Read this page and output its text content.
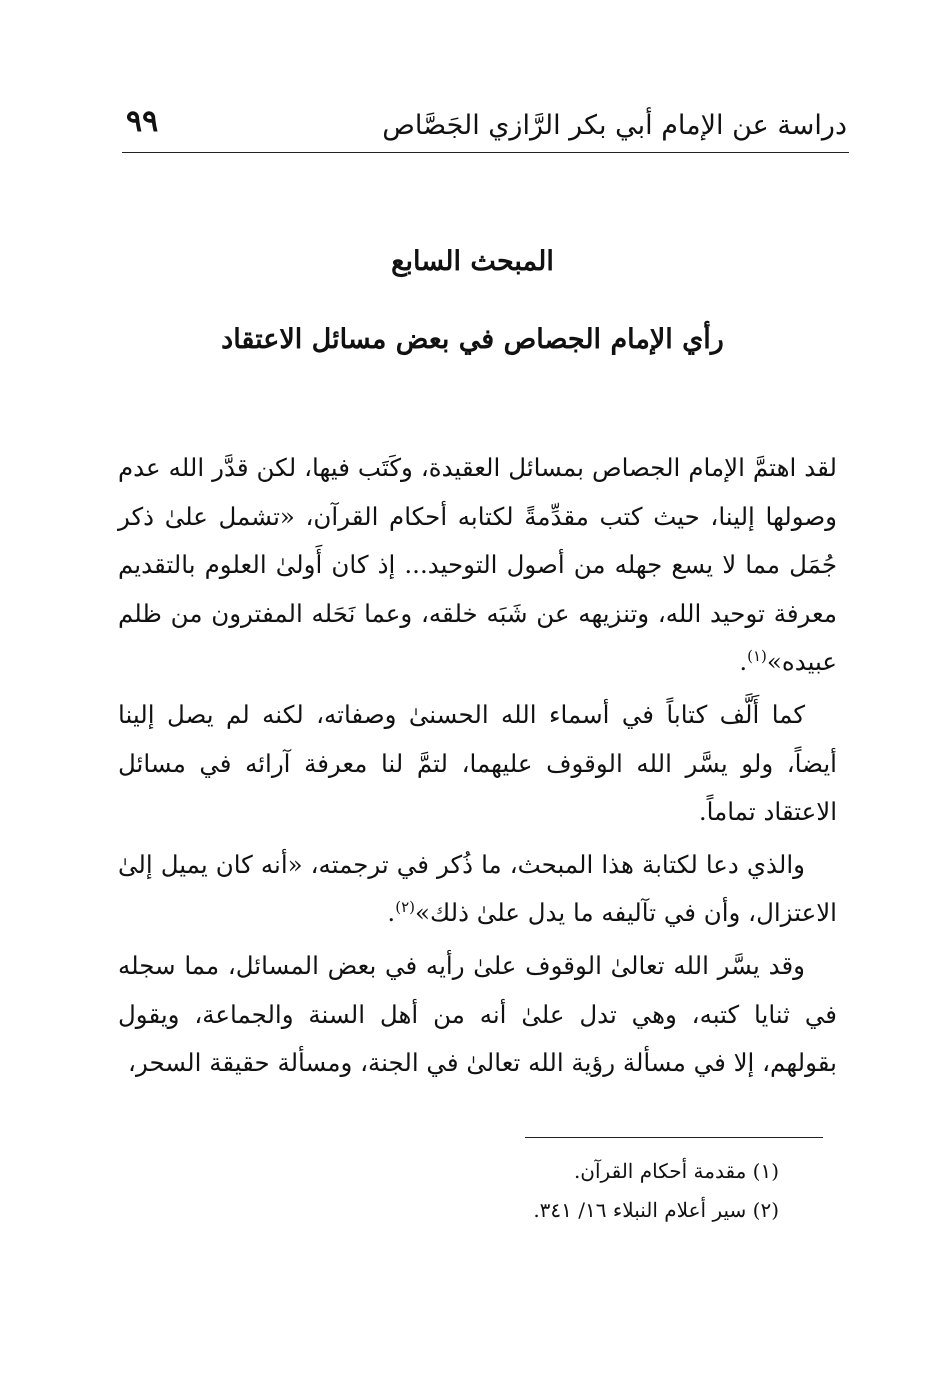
دراسة عن الإمام أبي بكر الرَّازي الجَصَّاص
٩٩
المبحث السابع
رأي الإمام الجصاص في بعض مسائل الاعتقاد

لقد اهتمَّ الإمام الجصاص بمسائل العقيدة، وكَتَب فيها، لكن قدَّر الله عدم وصولها إلينا، حيث كتب مقدِّمةً لكتابه أحكام القرآن، «تشمل علىٰ ذكر جُمَل مما لا يسع جهله من أصول التوحيد... إذ كان أَولىٰ العلوم بالتقديم معرفة توحيد الله، وتنزيهه عن شَبَه خلقه، وعما نَحَله المفترون من ظلم عبيده»$^{(١)}$.

كما أَلَّف كتاباً في أسماء الله الحسنىٰ وصفاته، لكنه لم يصل إلينا أيضاً، ولو يسَّر الله الوقوف عليهما، لتمَّ لنا معرفة آرائه في مسائل الاعتقاد تماماً.

والذي دعا لكتابة هذا المبحث، ما ذُكر في ترجمته، «أنه كان يميل إلىٰ الاعتزال، وأن في تآليفه ما يدل علىٰ ذلك»$^{(٢)}$.

وقد يسَّر الله تعالىٰ الوقوف علىٰ رأيه في بعض المسائل، مما سجله في ثنايا كتبه، وهي تدل علىٰ أنه من أهل السنة والجماعة، ويقول بقولهم، إلا في مسألة رؤية الله تعالىٰ في الجنة، ومسألة حقيقة السحر،

(١) مقدمة أحكام القرآن.
(٢) سير أعلام النبلاء ١٦/ ٣٤١.
